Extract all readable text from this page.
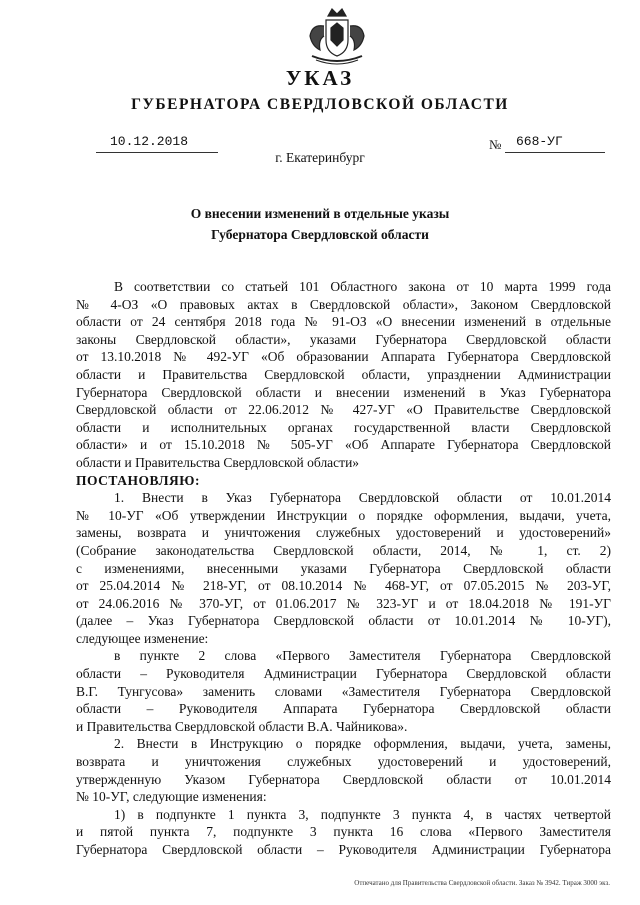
УКАЗ
ГУБЕРНАТОРА СВЕРДЛОВСКОЙ ОБЛАСТИ
10.12.2018	№ 668-УГ
г. Екатеринбург
О внесении изменений в отдельные указы
Губернатора Свердловской области
В соответствии со статьей 101 Областного закона от 10 марта 1999 года
№ 4-ОЗ «О правовых актах в Свердловской области», Законом Свердловской
области от 24 сентября 2018 года № 91-ОЗ «О внесении изменений в отдельные
законы Свердловской области», указами Губернатора Свердловской области
от 13.10.2018 № 492-УГ «Об образовании Аппарата Губернатора Свердловской
области и Правительства Свердловской области, упразднении Администрации
Губернатора Свердловской области и внесении изменений в Указ Губернатора
Свердловской области от 22.06.2012 № 427-УГ «О Правительстве Свердловской
области и исполнительных органах государственной власти Свердловской
области» и от 15.10.2018 № 505-УГ «Об Аппарате Губернатора Свердловской
области и Правительства Свердловской области»
ПОСТАНОВЛЯЮ:
1. Внести в Указ Губернатора Свердловской области от 10.01.2014
№ 10-УГ «Об утверждении Инструкции о порядке оформления, выдачи, учета,
замены, возврата и уничтожения служебных удостоверений и удостоверений»
(Собрание законодательства Свердловской области, 2014, № 1, ст. 2)
с изменениями, внесенными указами Губернатора Свердловской области
от 25.04.2014 № 218-УГ, от 08.10.2014 № 468-УГ, от 07.05.2015 № 203-УГ,
от 24.06.2016 № 370-УГ, от 01.06.2017 № 323-УГ и от 18.04.2018 № 191-УГ
(далее – Указ Губернатора Свердловской области от 10.01.2014 № 10-УГ),
следующее изменение:
в пункте 2 слова «Первого Заместителя Губернатора Свердловской
области – Руководителя Администрации Губернатора Свердловской области
В.Г. Тунгусова» заменить словами «Заместителя Губернатора Свердловской
области – Руководителя Аппарата Губернатора Свердловской области
и Правительства Свердловской области В.А. Чайникова».
2. Внести в Инструкцию о порядке оформления, выдачи, учета, замены,
возврата и уничтожения служебных удостоверений и удостоверений,
утвержденную Указом Губернатора Свердловской области от 10.01.2014
№ 10-УГ, следующие изменения:
1) в подпункте 1 пункта 3, подпункте 3 пункта 4, в частях четвертой
и пятой пункта 7, подпункте 3 пункта 16 слова «Первого Заместителя
Губернатора Свердловской области – Руководителя Администрации Губернатора
Отпечатано для Правительства Свердловской области. Заказ № 3942. Тираж 3000 экз.
